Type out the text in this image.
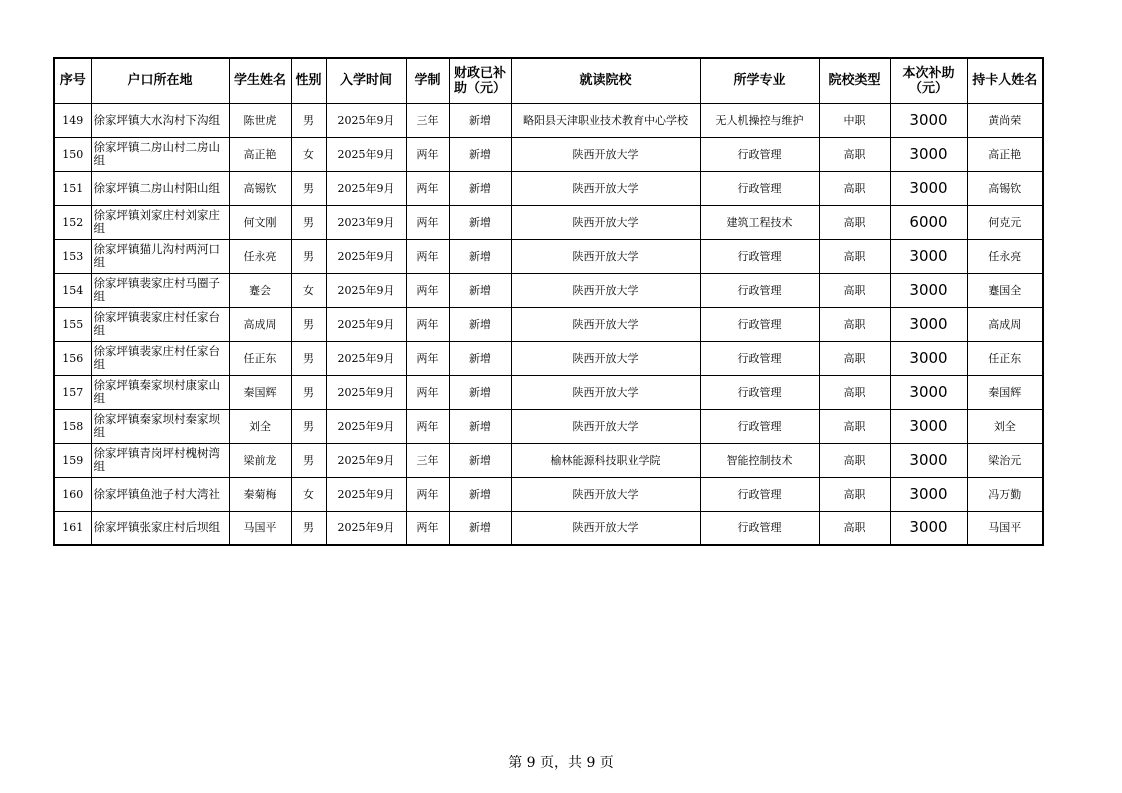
序号	户口所在地	学生姓名	性别	入学时间	学制	财政已补助（元）	就读院校	所学专业	院校类型	本次补助（元）	持卡人姓名
149	徐家坪镇大水沟村下沟组	陈世虎	男	2025年9月	三年	新增	略阳县天津职业技术教育中心学校	无人机操控与维护	中职	3000	黄尚荣
150	徐家坪镇二房山村二房山组	高正艳	女	2025年9月	两年	新增	陕西开放大学	行政管理	高职	3000	高正艳
151	徐家坪镇二房山村阳山组	高锡钦	男	2025年9月	两年	新增	陕西开放大学	行政管理	高职	3000	高锡钦
152	徐家坪镇刘家庄村刘家庄组	何文刚	男	2023年9月	两年	新增	陕西开放大学	建筑工程技术	高职	6000	何克元
153	徐家坪镇猫儿沟村两河口组	任永亮	男	2025年9月	两年	新增	陕西开放大学	行政管理	高职	3000	任永亮
154	徐家坪镇裴家庄村马圈子组	蹇会	女	2025年9月	两年	新增	陕西开放大学	行政管理	高职	3000	蹇国全
155	徐家坪镇裴家庄村任家台组	高成周	男	2025年9月	两年	新增	陕西开放大学	行政管理	高职	3000	高成周
156	徐家坪镇裴家庄村任家台组	任正东	男	2025年9月	两年	新增	陕西开放大学	行政管理	高职	3000	任正东
157	徐家坪镇秦家坝村康家山组	秦国辉	男	2025年9月	两年	新增	陕西开放大学	行政管理	高职	3000	秦国辉
158	徐家坪镇秦家坝村秦家坝组	刘全	男	2025年9月	两年	新增	陕西开放大学	行政管理	高职	3000	刘全
159	徐家坪镇青岗坪村槐树湾组	梁前龙	男	2025年9月	三年	新增	榆林能源科技职业学院	智能控制技术	高职	3000	梁治元
160	徐家坪镇鱼池子村大湾社	秦菊梅	女	2025年9月	两年	新增	陕西开放大学	行政管理	高职	3000	冯万勤
161	徐家坪镇张家庄村后坝组	马国平	男	2025年9月	两年	新增	陕西开放大学	行政管理	高职	3000	马国平
第 9 页，共 9 页
